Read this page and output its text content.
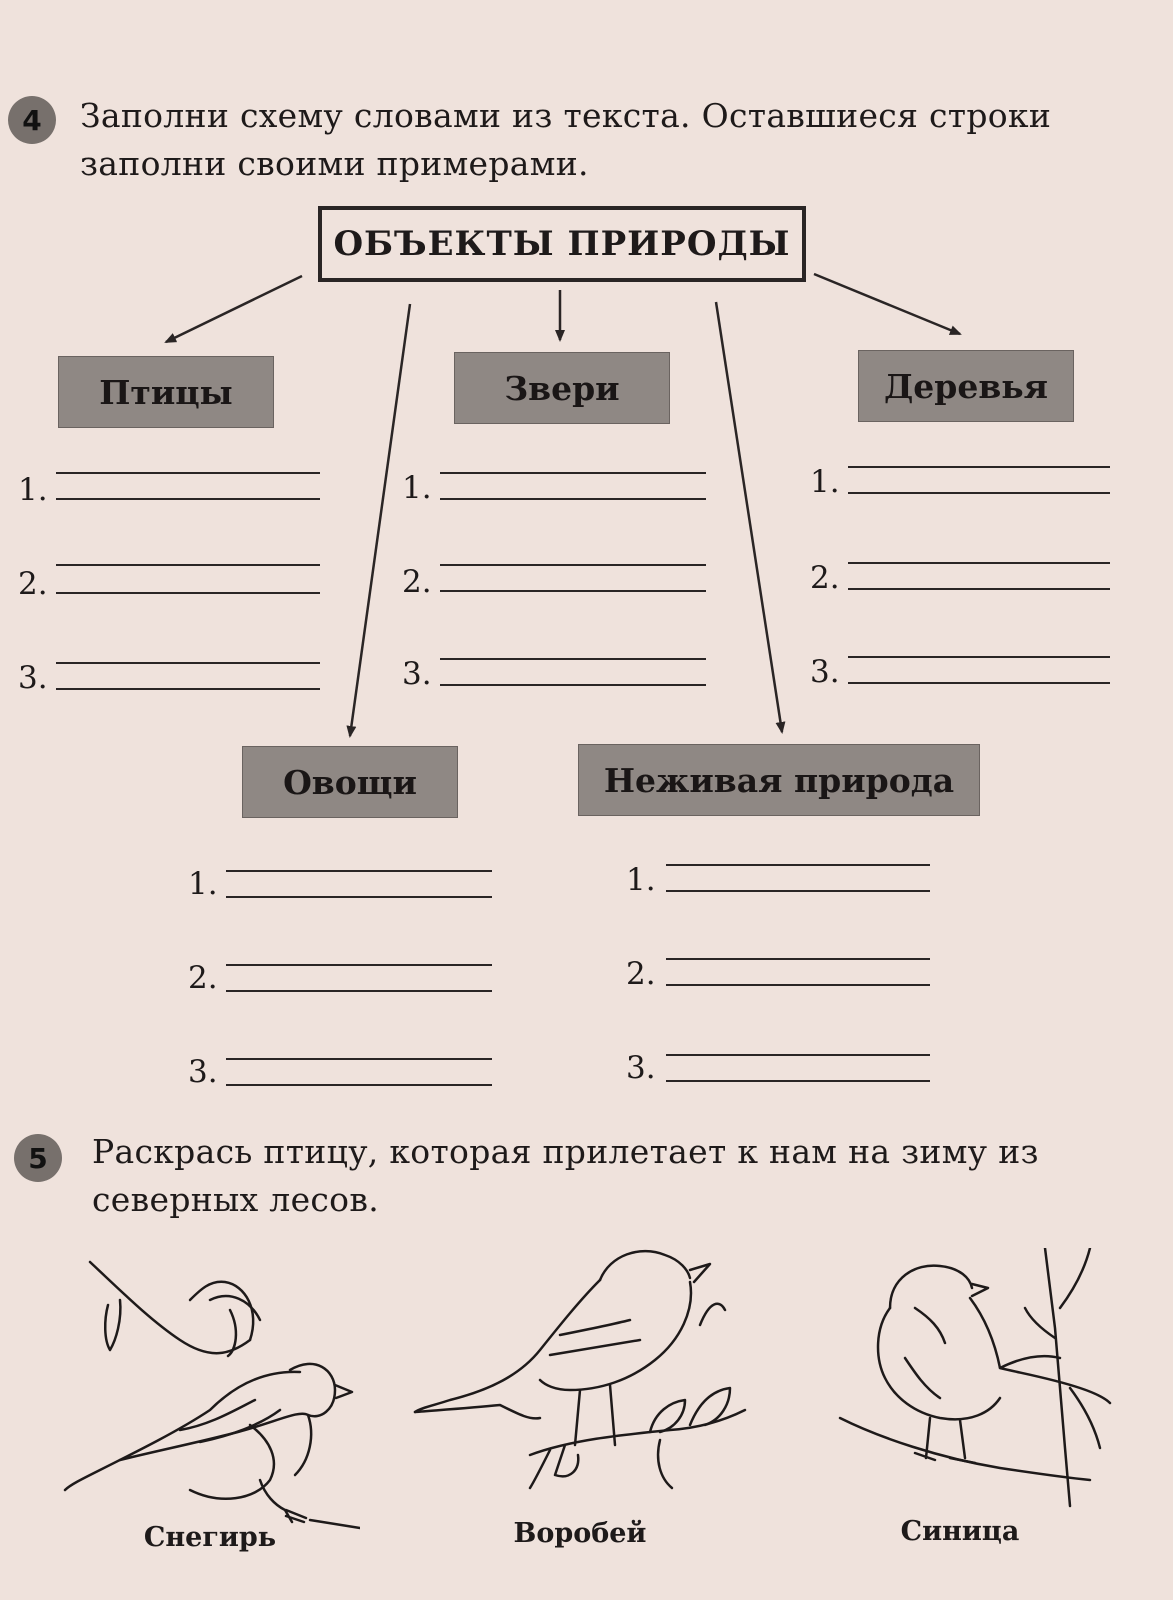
4 Заполни схему словами из текста. Оставшиеся строки
заполни своими примерами.
ОБЪЕКТЫ ПРИРОДЫ
Птицы
1.
2.
3.
Звери
1.
2.
3.
Деревья
1.
2.
3.
Овощи
1.
2.
3.
Неживая природа
1.
2.
3.
5 Раскрась птицу, которая прилетает к нам на зиму из
северных лесов.
Снегирь	Воробей	Синица
